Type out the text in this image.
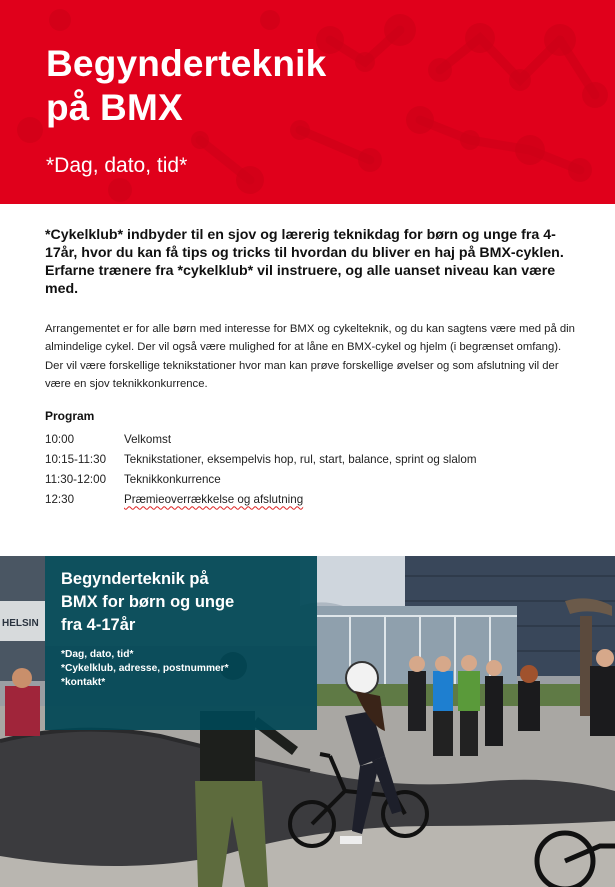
Begynderteknik
på BMX
*Dag, dato, tid*

*Cykelklub* indbyder til en sjov og lærerig teknikdag for børn og unge fra 4-17år, hvor du kan få tips og tricks til hvordan du bliver en haj på BMX-cyklen. Erfarne trænere fra *cykelklub* vil instruere, og alle uanset niveau kan være med.

Arrangementet er for alle børn med interesse for BMX og cykelteknik, og du kan sagtens være med på din almindelige cykel. Der vil også være mulighed for at låne en BMX-cykel og hjelm (i begrænset omfang). Der vil være forskellige teknikstationer hvor man kan prøve forskellige øvelser og som afslutning vil der være en sjov teknikkonkurrence.

Program
10:00	Velkomst
10:15-11:30	Teknikstationer, eksempelvis hop, rul, start, balance, sprint og slalom
11:30-12:00	Teknikkonkurrence
12:30	Præmieoverrækkelse og afslutning
HELSIN
Begynderteknik på
BMX for børn og unge
fra 4-17år
*Dag, dato, tid*
*Cykelklub, adresse, postnummer*
*kontakt*
